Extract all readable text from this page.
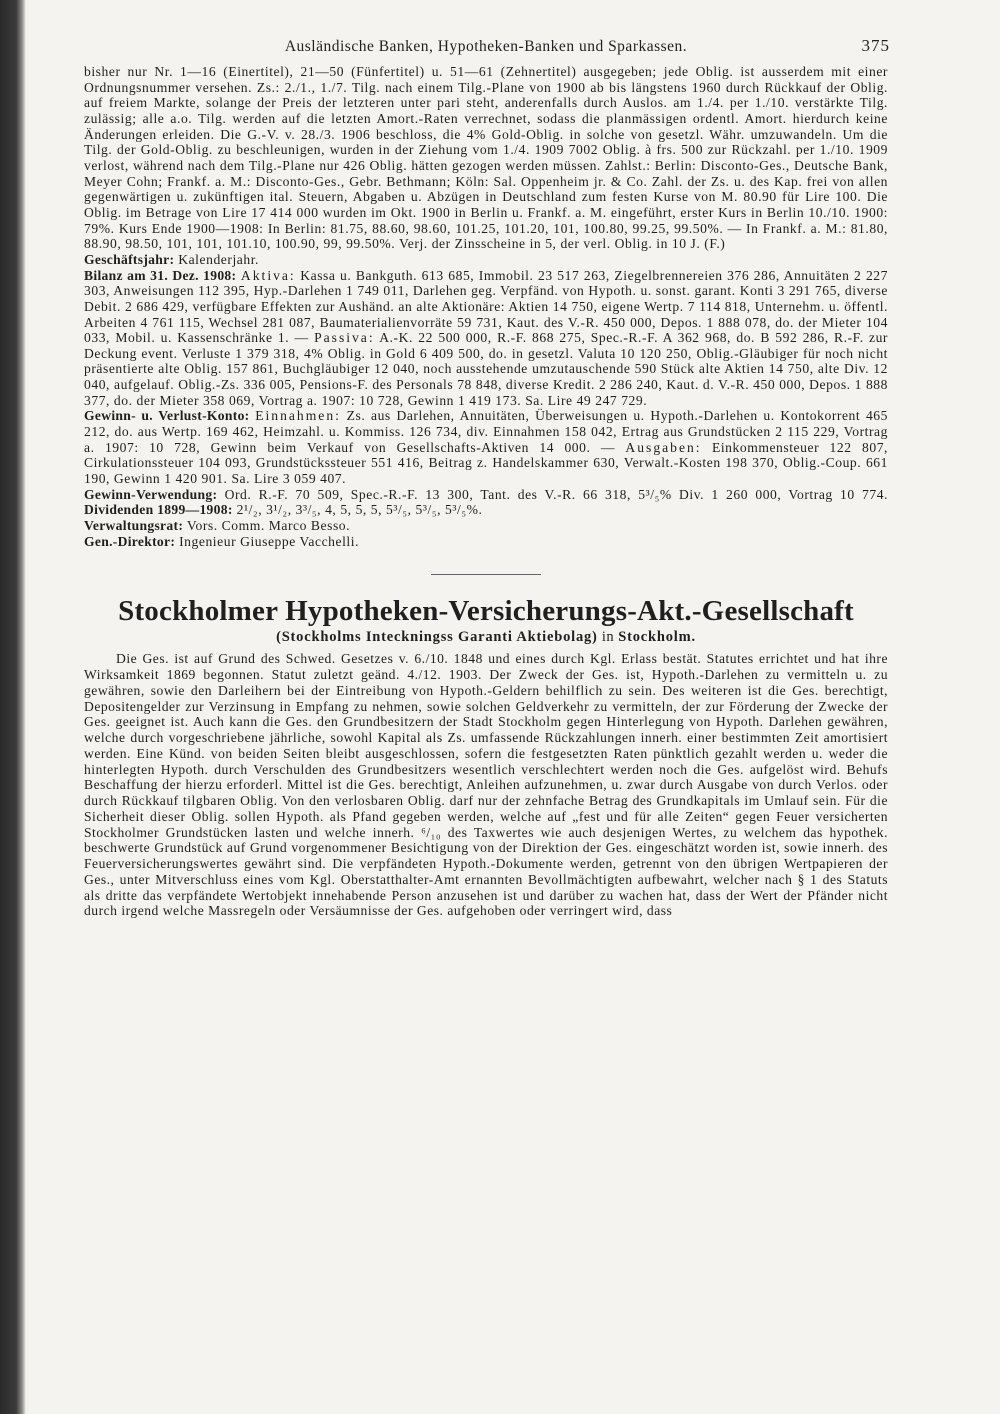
Ausländische Banken, Hypotheken-Banken und Sparkassen.	375

bisher nur Nr. 1—16 (Einertitel), 21—50 (Fünfertitel) u. 51—61 (Zehnertitel) ausgegeben; jede Oblig. ist ausserdem mit einer Ordnungsnummer versehen. Zs.: 2./1., 1./7. Tilg. nach einem Tilg.-Plane von 1900 ab bis längstens 1960 durch Rückkauf der Oblig. auf freiem Markte, solange der Preis der letzteren unter pari steht, anderenfalls durch Auslos. am 1./4. per 1./10. verstärkte Tilg. zulässig; alle a.o. Tilg. werden auf die letzten Amort.-Raten verrechnet, sodass die planmässigen ordentl. Amort. hierdurch keine Änderungen erleiden. Die G.-V. v. 28./3. 1906 beschloss, die 4% Gold-Oblig. in solche von gesetzl. Währ. umzuwandeln. Um die Tilg. der Gold-Oblig. zu beschleunigen, wurden in der Ziehung vom 1./4. 1909 7002 Oblig. à frs. 500 zur Rückzahl. per 1./10. 1909 verlost, während nach dem Tilg.-Plane nur 426 Oblig. hätten gezogen werden müssen. Zahlst.: Berlin: Disconto-Ges., Deutsche Bank, Meyer Cohn; Frankf. a. M.: Disconto-Ges., Gebr. Bethmann; Köln: Sal. Oppenheim jr. & Co. Zahl. der Zs. u. des Kap. frei von allen gegenwärtigen u. zukünftigen ital. Steuern, Abgaben u. Abzügen in Deutschland zum festen Kurse von M. 80.90 für Lire 100. Die Oblig. im Betrage von Lire 17 414 000 wurden im Okt. 1900 in Berlin u. Frankf. a. M. eingeführt, erster Kurs in Berlin 10./10. 1900: 79%. Kurs Ende 1900—1908: In Berlin: 81.75, 88.60, 98.60, 101.25, 101.20, 101, 100.80, 99.25, 99.50%. — In Frankf. a. M.: 81.80, 88.90, 98.50, 101, 101, 101.10, 100.90, 99, 99.50%. Verj. der Zinsscheine in 5, der verl. Oblig. in 10 J. (F.)

Geschäftsjahr: Kalenderjahr.

Bilanz am 31. Dez. 1908: Aktiva: Kassa u. Bankguth. 613 685, Immobil. 23 517 263, Ziegelbrennereien 376 286, Annuitäten 2 227 303, Anweisungen 112 395, Hyp.-Darlehen 1 749 011, Darlehen geg. Verpfänd. von Hypoth. u. sonst. garant. Konti 3 291 765, diverse Debit. 2 686 429, verfügbare Effekten zur Aushänd. an alte Aktionäre: Aktien 14 750, eigene Wertp. 7 114 818, Unternehm. u. öffentl. Arbeiten 4 761 115, Wechsel 281 087, Baumaterialienvorräte 59 731, Kaut. des V.-R. 450 000, Depos. 1 888 078, do. der Mieter 104 033, Mobil. u. Kassenschränke 1. — Passiva: A.-K. 22 500 000, R.-F. 868 275, Spec.-R.-F. A 362 968, do. B 592 286, R.-F. zur Deckung event. Verluste 1 379 318, 4% Oblig. in Gold 6 409 500, do. in gesetzl. Valuta 10 120 250, Oblig.-Gläubiger für noch nicht präsentierte alte Oblig. 157 861, Buchgläubiger 12 040, noch ausstehende umzutauschende 590 Stück alte Aktien 14 750, alte Div. 12 040, aufgelauf. Oblig.-Zs. 336 005, Pensions-F. des Personals 78 848, diverse Kredit. 2 286 240, Kaut. d. V.-R. 450 000, Depos. 1 888 377, do. der Mieter 358 069, Vortrag a. 1907: 10 728, Gewinn 1 419 173. Sa. Lire 49 247 729.

Gewinn- u. Verlust-Konto: Einnahmen: Zs. aus Darlehen, Annuitäten, Überweisungen u. Hypoth.-Darlehen u. Kontokorrent 465 212, do. aus Wertp. 169 462, Heimzahl. u. Kommiss. 126 734, div. Einnahmen 158 042, Ertrag aus Grundstücken 2 115 229, Vortrag a. 1907: 10 728, Gewinn beim Verkauf von Gesellschafts-Aktiven 14 000. — Ausgaben: Einkommensteuer 122 807, Cirkulationssteuer 104 093, Grundstückssteuer 551 416, Beitrag z. Handelskammer 630, Verwalt.-Kosten 198 370, Oblig.-Coup. 661 190, Gewinn 1 420 901. Sa. Lire 3 059 407.

Gewinn-Verwendung: Ord. R.-F. 70 509, Spec.-R.-F. 13 300, Tant. des V.-R. 66 318, 5³/₅% Div. 1 260 000, Vortrag 10 774. Dividenden 1899—1908: 2¹/₂, 3¹/₂, 3³/₅, 4, 5, 5, 5, 5³/₅, 5³/₅, 5³/₅%.

Verwaltungsrat: Vors. Comm. Marco Besso.

Gen.-Direktor: Ingenieur Giuseppe Vacchelli.

Stockholmer Hypotheken-Versicherungs-Akt.-Gesellschaft
(Stockholms Inteckningss Garanti Aktiebolag) in Stockholm.

Die Ges. ist auf Grund des Schwed. Gesetzes v. 6./10. 1848 und eines durch Kgl. Erlass bestät. Statutes errichtet und hat ihre Wirksamkeit 1869 begonnen. Statut zuletzt geänd. 4./12. 1903. Der Zweck der Ges. ist, Hypoth.-Darlehen zu vermitteln u. zu gewähren, sowie den Darleihern bei der Eintreibung von Hypoth.-Geldern behilflich zu sein. Des weiteren ist die Ges. berechtigt, Depositengelder zur Verzinsung in Empfang zu nehmen, sowie solchen Geldverkehr zu vermitteln, der zur Förderung der Zwecke der Ges. geeignet ist. Auch kann die Ges. den Grundbesitzern der Stadt Stockholm gegen Hinterlegung von Hypoth. Darlehen gewähren, welche durch vorgeschriebene jährliche, sowohl Kapital als Zs. umfassende Rückzahlungen innerh. einer bestimmten Zeit amortisiert werden. Eine Künd. von beiden Seiten bleibt ausgeschlossen, sofern die festgesetzten Raten pünktlich gezahlt werden u. weder die hinterlegten Hypoth. durch Verschulden des Grundbesitzers wesentlich verschlechtert werden noch die Ges. aufgelöst wird. Behufs Beschaffung der hierzu erforderl. Mittel ist die Ges. berechtigt, Anleihen aufzunehmen, u. zwar durch Ausgabe von durch Verlos. oder durch Rückkauf tilgbaren Oblig. Von den verlosbaren Oblig. darf nur der zehnfache Betrag des Grundkapitals im Umlauf sein. Für die Sicherheit dieser Oblig. sollen Hypoth. als Pfand gegeben werden, welche auf „fest und für alle Zeiten“ gegen Feuer versicherten Stockholmer Grundstücken lasten und welche innerh. ⁶/₁₀ des Taxwertes wie auch desjenigen Wertes, zu welchem das hypothek. beschwerte Grundstück auf Grund vorgenommener Besichtigung von der Direktion der Ges. eingeschätzt worden ist, sowie innerh. des Feuerversicherungswertes gewährt sind. Die verpfändeten Hypoth.-Dokumente werden, getrennt von den übrigen Wertpapieren der Ges., unter Mitverschluss eines vom Kgl. Oberstatthalter-Amt ernannten Bevollmächtigten aufbewahrt, welcher nach § 1 des Statuts als dritte das verpfändete Wertobjekt innehabende Person anzusehen ist und darüber zu wachen hat, dass der Wert der Pfänder nicht durch irgend welche Massregeln oder Versäumnisse der Ges. aufgehoben oder verringert wird, dass
